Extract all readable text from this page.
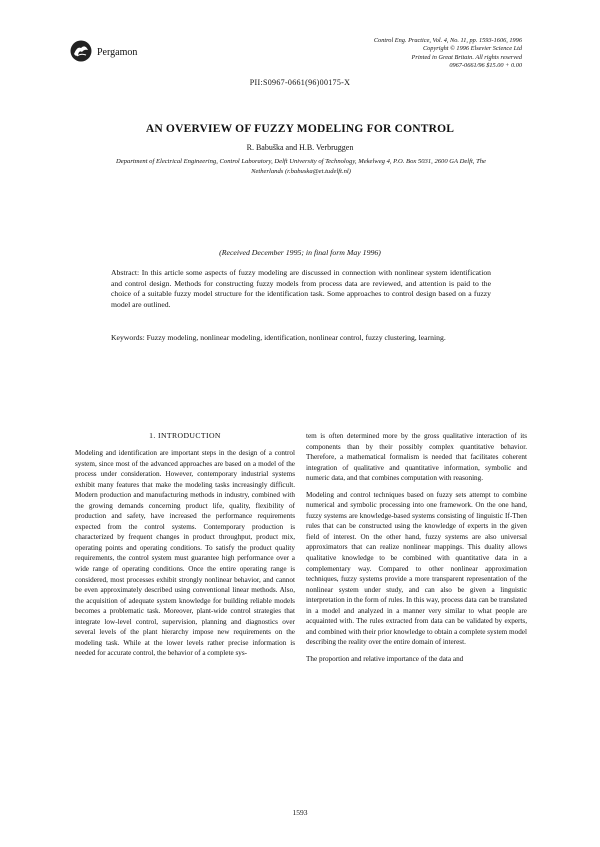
Pergamon
Control Eng. Practice, Vol. 4, No. 11, pp. 1593-1606, 1996
Copyright © 1996 Elsevier Science Ltd
Printed in Great Britain. All rights reserved
0967-0661/96 $15.00 + 0.00
PII:S0967-0661(96)00175-X
AN OVERVIEW OF FUZZY MODELING FOR CONTROL
R. Babuška and H.B. Verbruggen
Department of Electrical Engineering, Control Laboratory, Delft University of Technology, Mekelweg 4, P.O. Box 5031, 2600 GA Delft, The Netherlands (r.babuska@et.tudelft.nl)
(Received December 1995; in final form May 1996)
Abstract: In this article some aspects of fuzzy modeling are discussed in connection with nonlinear system identification and control design. Methods for constructing fuzzy models from process data are reviewed, and attention is paid to the choice of a suitable fuzzy model structure for the identification task. Some approaches to control design based on a fuzzy model are outlined.
Keywords: Fuzzy modeling, nonlinear modeling, identification, nonlinear control, fuzzy clustering, learning.
1. INTRODUCTION

Modeling and identification are important steps in the design of a control system, since most of the advanced approaches are based on a model of the process under consideration. However, contemporary industrial systems exhibit many features that make the modeling tasks increasingly difficult. Modern production and manufacturing methods in industry, combined with the growing demands concerning product life, quality, flexibility of production and safety, have increased the performance requirements expected from the control systems. Contemporary production is characterized by frequent changes in product throughput, product mix, operating points and operating conditions. To satisfy the product quality requirements, the control system must guarantee high performance over a wide range of operating conditions. Once the entire operating range is considered, most processes exhibit strongly nonlinear behavior, and cannot be even approximately described using conventional linear methods. Also, the acquisition of adequate system knowledge for building reliable models becomes a problematic task. Moreover, plant-wide control strategies that integrate low-level control, supervision, planning and diagnostics over several levels of the plant hierarchy impose new requirements on the modeling task. While at the lower levels rather precise information is needed for accurate control, the behavior of a complete sys-

tem is often determined more by the gross qualitative interaction of its components than by their possibly complex quantitative behavior. Therefore, a mathematical formalism is needed that facilitates coherent integration of qualitative and quantitative information, symbolic and numeric data, and that combines computation with reasoning.

Modeling and control techniques based on fuzzy sets attempt to combine numerical and symbolic processing into one framework. On the one hand, fuzzy systems are knowledge-based systems consisting of linguistic If-Then rules that can be constructed using the knowledge of experts in the given field of interest. On the other hand, fuzzy systems are also universal approximators that can realize nonlinear mappings. This duality allows qualitative knowledge to be combined with quantitative data in a complementary way. Compared to other nonlinear approximation techniques, fuzzy systems provide a more transparent representation of the nonlinear system under study, and can also be given a linguistic interpretation in the form of rules. In this way, process data can be translated in a model and analyzed in a manner very similar to what people are acquainted with. The rules extracted from data can be validated by experts, and combined with their prior knowledge to obtain a complete system model describing the reality over the entire domain of interest.

The proportion and relative importance of the data and

1593
